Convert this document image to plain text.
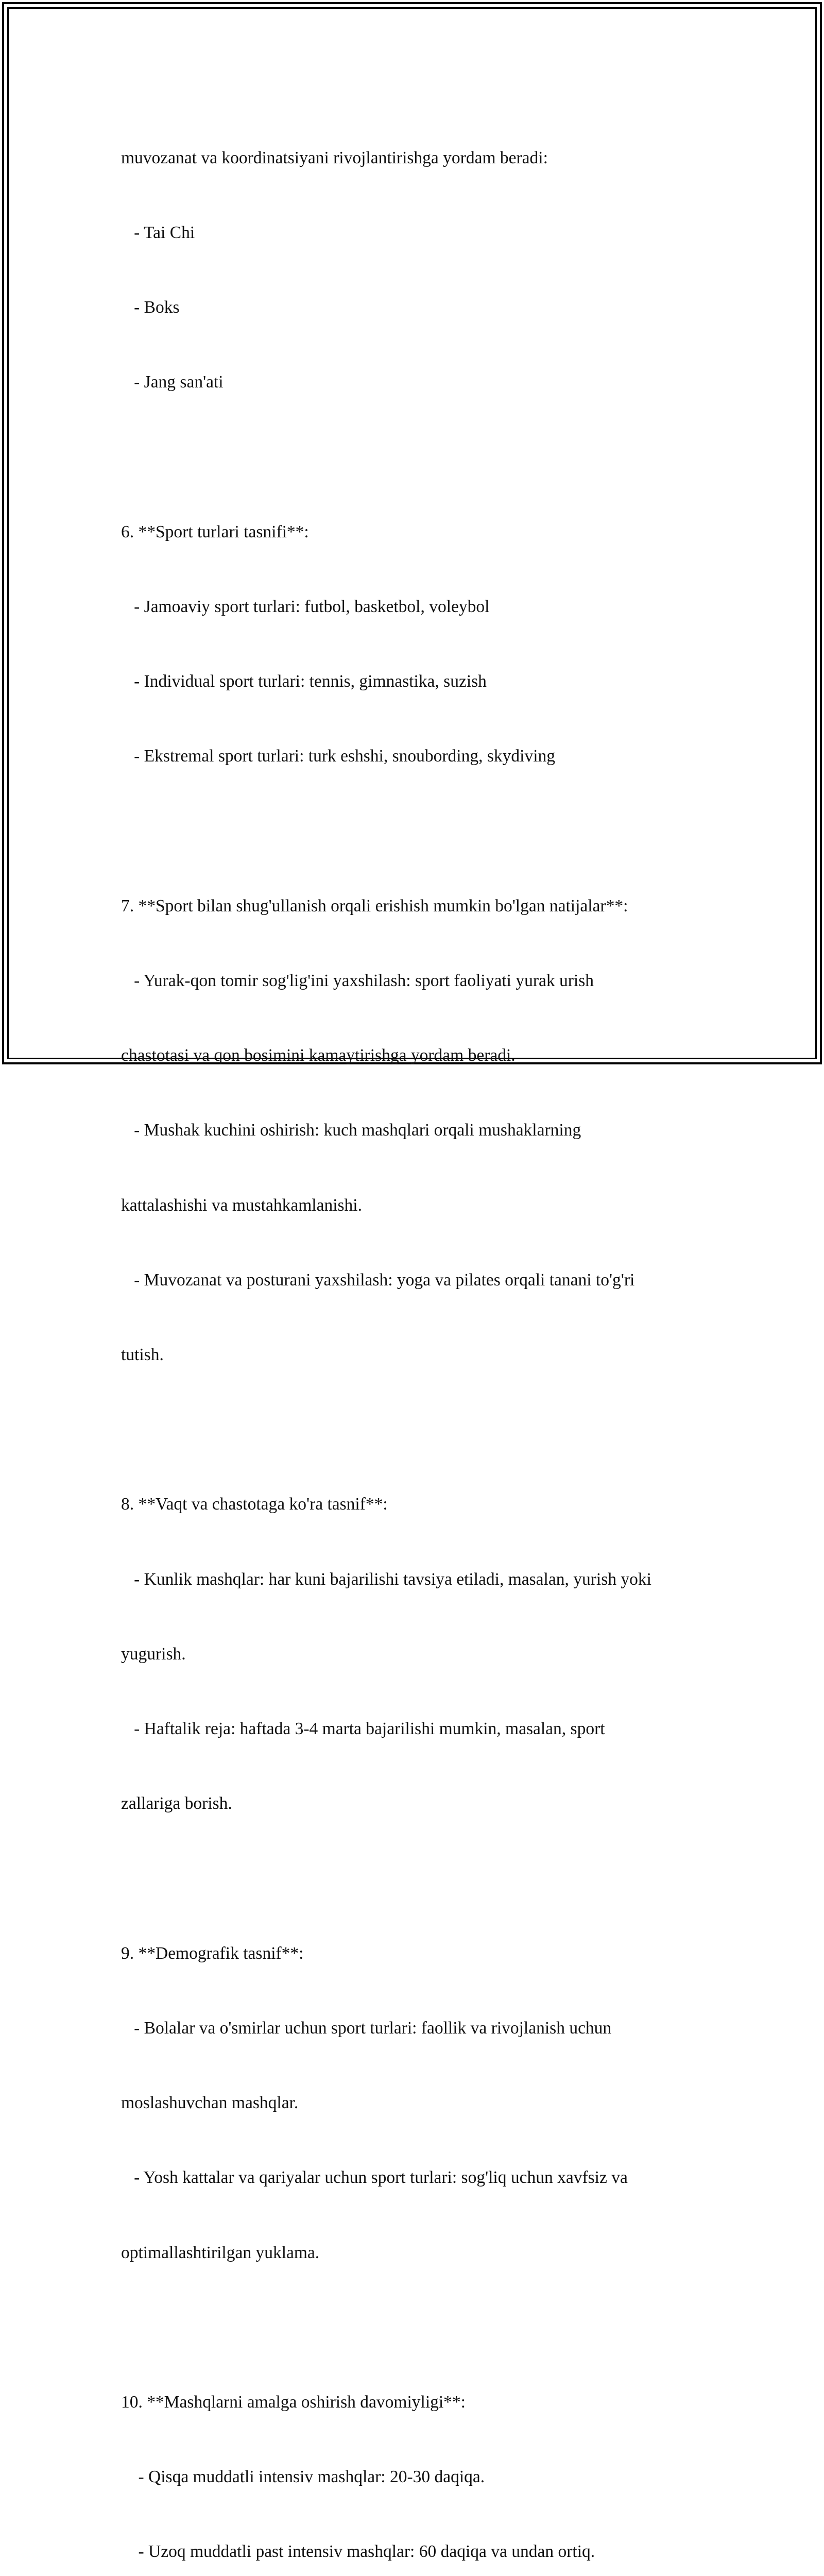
muvozanat va koordinatsiyani rivojlantirishga yordam beradi:

- Tai Chi

- Boks

- Jang san'ati

6. **Sport turlari tasnifi**:

- Jamoaviy sport turlari: futbol, basketbol, voleybol

- Individual sport turlari: tennis, gimnastika, suzish

- Ekstremal sport turlari: turk eshshi, snoubording, skydiving

7. **Sport bilan shug'ullanish orqali erishish mumkin bo'lgan natijalar**:

- Yurak-qon tomir sog'lig'ini yaxshilash: sport faoliyati yurak urish

chastotasi va qon bosimini kamaytirishga yordam beradi.

- Mushak kuchini oshirish: kuch mashqlari orqali mushaklarning

kattalashishi va mustahkamlanishi.

- Muvozanat va posturani yaxshilash: yoga va pilates orqali tanani to'g'ri

tutish.

8. **Vaqt va chastotaga ko'ra tasnif**:

- Kunlik mashqlar: har kuni bajarilishi tavsiya etiladi, masalan, yurish yoki

yugurish.

- Haftalik reja: haftada 3-4 marta bajarilishi mumkin, masalan, sport

zallariga borish.

9. **Demografik tasnif**:

- Bolalar va o'smirlar uchun sport turlari: faollik va rivojlanish uchun

moslashuvchan mashqlar.

- Yosh kattalar va qariyalar uchun sport turlari: sog'liq uchun xavfsiz va

optimallashtirilgan yuklama.

10. **Mashqlarni amalga oshirish davomiyligi**:

- Qisqa muddatli intensiv mashqlar: 20-30 daqiqa.

- Uzoq muddatli past intensiv mashqlar: 60 daqiqa va undan ortiq.
